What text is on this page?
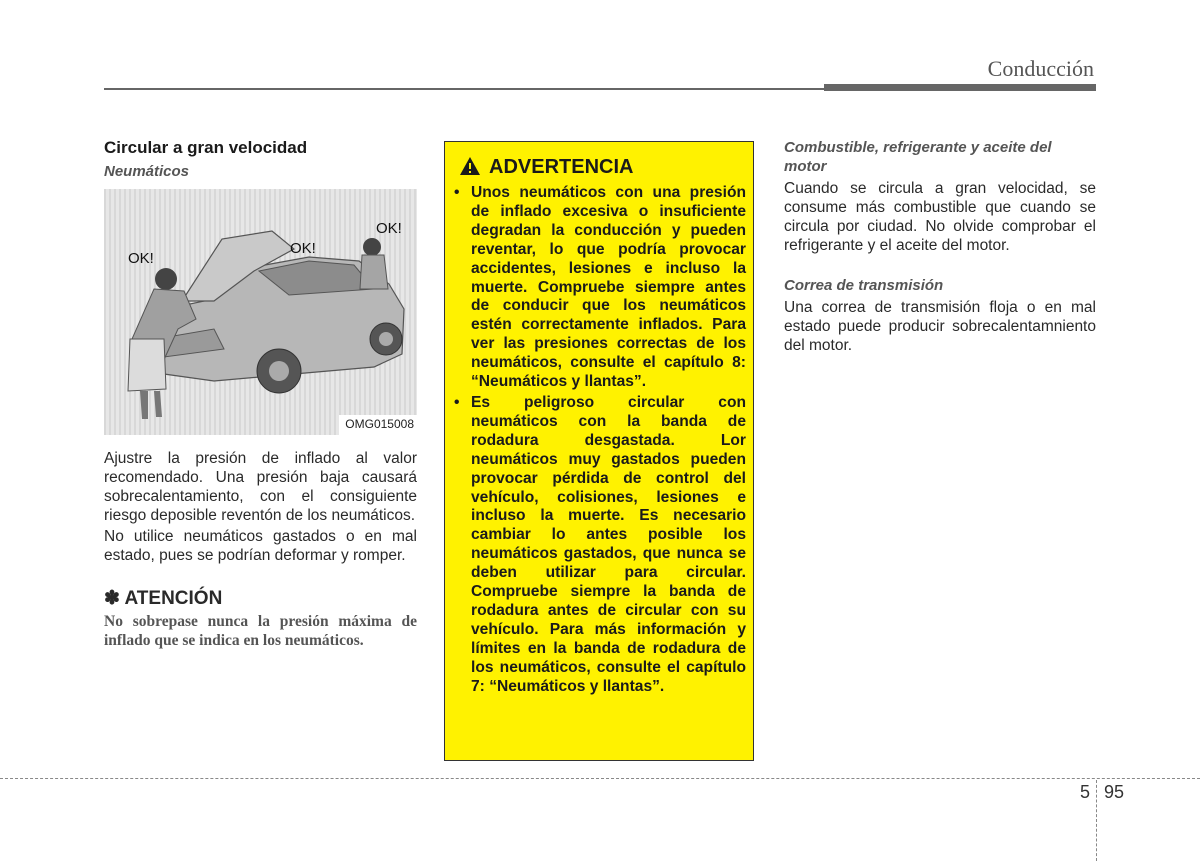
Conducción
Circular a gran velocidad
Neumáticos
OK!
OK!
OK!
OMG015008

Ajustre la presión de inflado al valor recomendado. Una presión baja causará sobrecalentamiento, con el consiguiente riesgo deposible reventón de los neumáticos.

No utilice neumáticos gastados o en mal estado, pues se podrían deformar y romper.

✽ ATENCIÓN
No sobrepase nunca la presión máxima de inflado que se indica en los neumáticos.
ADVERTENCIA
• Unos neumáticos con una presión de inflado excesiva o insuficiente degradan la conducción y pueden reventar, lo que podría provocar accidentes, lesiones e incluso la muerte. Compruebe siempre antes de conducir que los neumáticos estén correctamente inflados. Para ver las presiones correctas de los neumáticos, consulte el capítulo 8: “Neumáticos y llantas”.
• Es peligroso circular con neumáticos con la banda de rodadura desgastada. Lor neumáticos muy gastados pueden provocar pérdida de control del vehículo, colisiones, lesiones e incluso la muerte. Es necesario cambiar lo antes posible los neumáticos gastados, que nunca se deben utilizar para circular. Compruebe siempre la banda de rodadura antes de circular con su vehículo. Para más información y límites en la banda de rodadura de los neumáticos, consulte el capítulo 7: “Neumáticos y llantas”.
Combustible, refrigerante y aceite del motor

Cuando se circula a gran velocidad, se consume más combustible que cuando se circula por ciudad. No olvide comprobar el refrigerante y el aceite del motor.

Correa de transmisión

Una correa de transmisión floja o en mal estado puede producir sobrecalentamniento del motor.

5 95
